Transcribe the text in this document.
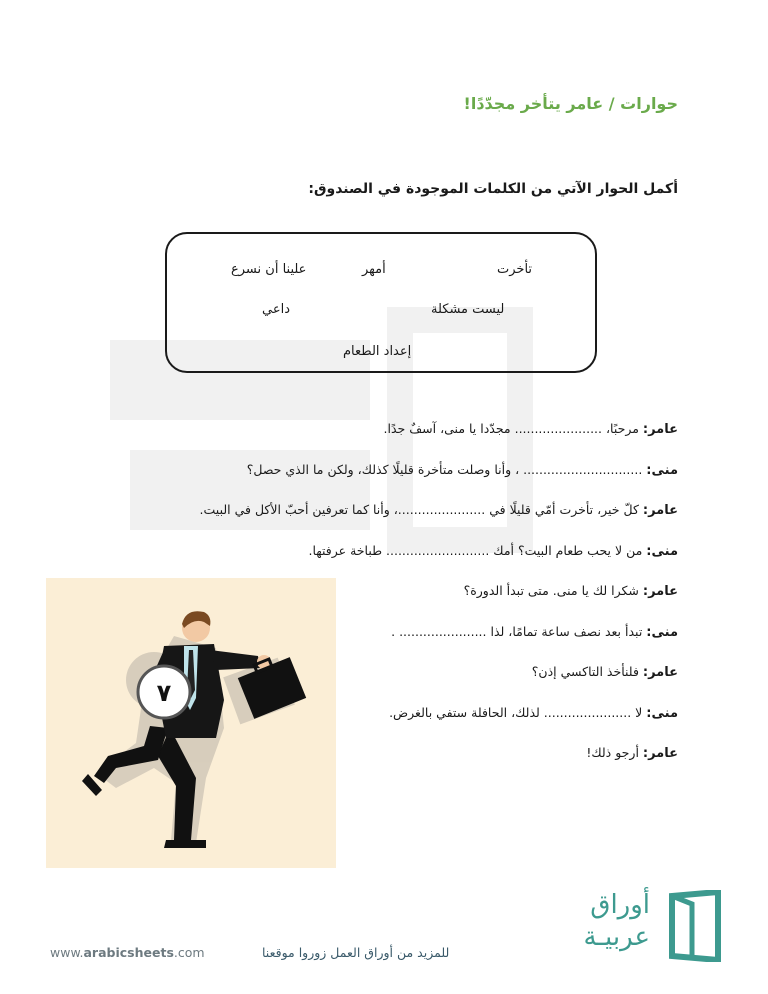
حوارات / عامر يتأخر مجدّدًا!
أكمل الحوار الآتي من الكلمات الموجودة في الصندوق:
تأخرت
أمهر
علينا أن نسرع
ليست مشكلة
داعي
إعداد الطعام
عامر: مرحبًا، ...................... مجدّدا يا منى، آسفٌ جدًا.
منى: .............................. ، وأنا وصلت متأخرة قليلًا كذلك، ولكن ما الذي حصل؟
عامر: كلّ خير، تأخرت أمّي قليلًا في ......................، وأنا كما تعرفين أحبّ الأكل في البيت.
منى: من لا يحب طعام البيت؟ أمك .......................... طباخة عرفتها.
عامر: شكرا لك يا منى. متى تبدأ الدورة؟
منى: تبدأ بعد نصف ساعة تمامًا، لذا ...................... .
عامر: فلنأخذ التاكسي إذن؟
منى: لا ...................... لذلك، الحافلة ستفي بالغرض.
عامر: أرجو ذلك!
٧
www.arabicsheets.com	للمزيد من أوراق العمل زوروا موقعنا
أوراق
عربيـة
